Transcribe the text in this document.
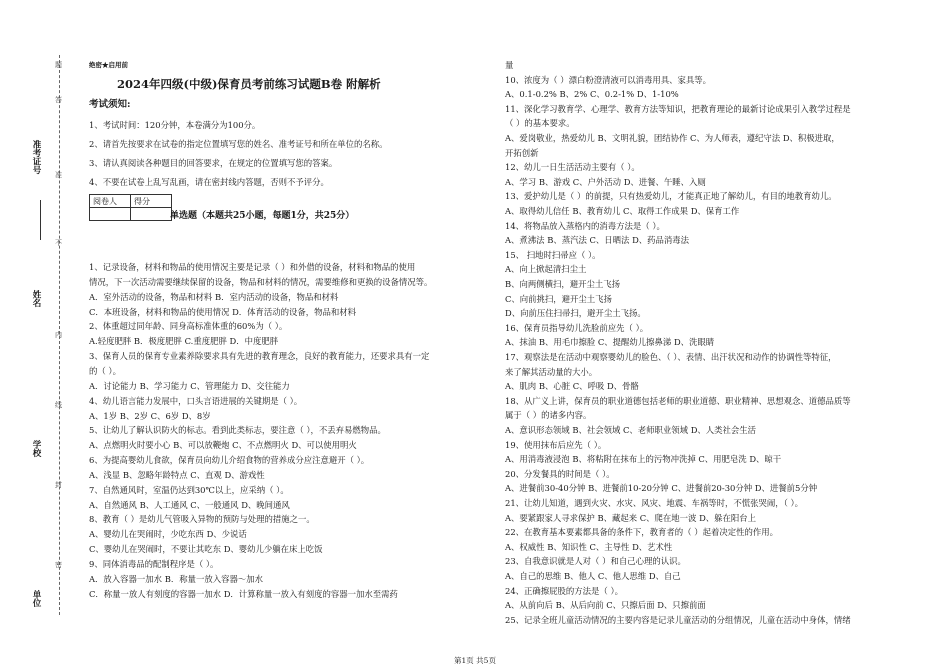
准考证号
姓名
学校
单位
密
封
线
内
不
准
答
题	绝密★启用前
2024年四级(中级)保育员考前练习试题B卷 附解析
考试须知:
1、考试时间：120分钟，本卷满分为100分。
2、请首先按要求在试卷的指定位置填写您的姓名、准考证号和所在单位的名称。
3、请认真阅读各种题目的回答要求，在规定的位置填写您的答案。
4、不要在试卷上乱写乱画，请在密封线内答题，否则不予评分。
阅卷人	得分

单选题（本题共25小题，每题1分，共25分）
1、记录设备，材料和物品的使用情况主要是记录（ ）和外借的设备，材料和物品的使用
情况，下一次活动需要继续保留的设备，物品和材料的情况，需要维修和更换的设备情况等。
A．室外活动的设备，物品和材料 B．室内活动的设备，物品和材料
C．本班设备，材料和物品的使用情况 D．体育活动的设备，物品和材料
2、体重超过同年龄、同身高标准体重的60%为（ ）。
A.轻度肥胖 B．极度肥胖 C.重度肥胖 D．中度肥胖
3、保育人员的保育专业素养除要求具有先进的教育理念，良好的教育能力，还要求具有一定
的（ ）。
A．讨论能力 B、学习能力 C、管理能力 D、交往能力
4、幼儿语言能力发展中，口头言语进展的关键期是（ ）。
A、1岁 B、2岁 C、6岁 D、8岁
5、让幼儿了解认识防火的标志。看到此类标志，要注意（ ），不丢弃易燃物品。
A、点燃明火时要小心 B、可以放鞭炮 C、不点燃明火 D、可以使用明火
6、为提高婴幼儿食欲，保育员向幼儿介绍食物的营养成分应注意避开（ ）。
A、浅显 B、忽略年龄特点 C、直观 D、游戏性
7、自然通风时，室温仍达到30℃以上，应采纳（ ）。
A、自然通风 B、人工通风 C、一般通风 D、晚间通风
8、教育（ ）是幼儿气管吸入异物的预防与处理的措施之一。
A、婴幼儿在哭闹时，少吃东西 D、少说话
C、婴幼儿在哭闹时，不要让其吃东 D、婴幼儿少躺在床上吃饭
9、同体消毒品的配制程序是（ ）。
A．放入容器一加水 B．称量一放入容器～加水
C．称量一放人有刻度的容器一加水 D．计算称量一放入有刻度的容器一加水至需药
量
10、浓度为（ ）漂白粉澄清液可以消毒用具、家具等。
A、0.1-0.2% B、2% C、0.2-1% D、1-10%
11、深化学习教育学、心理学、教育方法等知识，把教育理论的最新讨论成果引入教学过程是
（ ）的基本要求。
A、爱岗敬业，热爱幼儿 B、文明礼貌，团结协作 C、为人师表，遵纪守法 D、积极进取，
开拓创新
12、幼儿一日生活活动主要有（ ）。
A、学习 B、游戏 C、户外活动 D、进餐、午睡、入厕
13、爱护幼儿是（ ）的前提，只有热爱幼儿，才能真正地了解幼儿，有目的地教育幼儿。
A、取得幼儿信任 B、教育幼儿 C、取得工作成果 D、保育工作
14、将物品放入蒸格内的消毒方法是（ ）。
A、煮沸法 B、蒸汽法 C、日晒法 D、药品消毒法
15、 扫地时扫帚应（ ）。
A、向上掀起清扫尘土
B、向两侧横扫，避开尘土飞扬
C、向前挑扫，避开尘土飞扬
D、向前压住扫帚扫，避开尘土飞扬。
16、保育员指导幼儿洗脸前应先（ ）。
A、抹油 B、用毛巾擦脸 C、提醒幼儿擦鼻涕 D、洗眼睛
17、观察法是在活动中观察婴幼儿的脸色、（ ）、表情、出汗状况和动作的协调性等特征，
来了解其活动量的大小。
A、肌肉 B、心脏 C、呼吸 D、骨骼
18、从广义上讲，保育员的职业道德包括老师的职业道德、职业精神、思想观念、道德品质等
属于（ ）的诸多内容。
A、意识形态领域 B、社会领域 C、老师职业领域 D、人类社会生活
19、使用抹布后应先（ ）。
A、用消毒液浸泡 B、将粘附在抹布上的污物冲洗掉 C、用肥皂洗 D、晾干
20、分发餐具的时间是（ ）。
A、进餐前30-40分钟 B、进餐前10-20分钟 C、进餐前20-30分钟 D、进餐前5分钟
21、让幼儿知道，遇到火灾、水灾、风灾、地震、车祸等时，不慌张哭闹，（ ）。
A、要紧跟家人寻求保护 B、藏起来 C、爬在地一波 D、躲在阳台上
22、在教育基本要素都具备的条件下，教育者的（ ）起着决定性的作用。
A、权威性 B、知识性 C、主导性 D、艺术性
23、自我意识就是人对（ ）和自己心理的认识。
A、自己的思维 B、他人 C、他人思维 D、自己
24、正确擦屁股的方法是（ ）。
A、从前向后 B、从后向前 C、只擦后面 D、只擦前面
25、记录全班儿童活动情况的主要内容是记录儿童活动的分组情况，儿童在活动中身体，情绪
第1页 共5页
